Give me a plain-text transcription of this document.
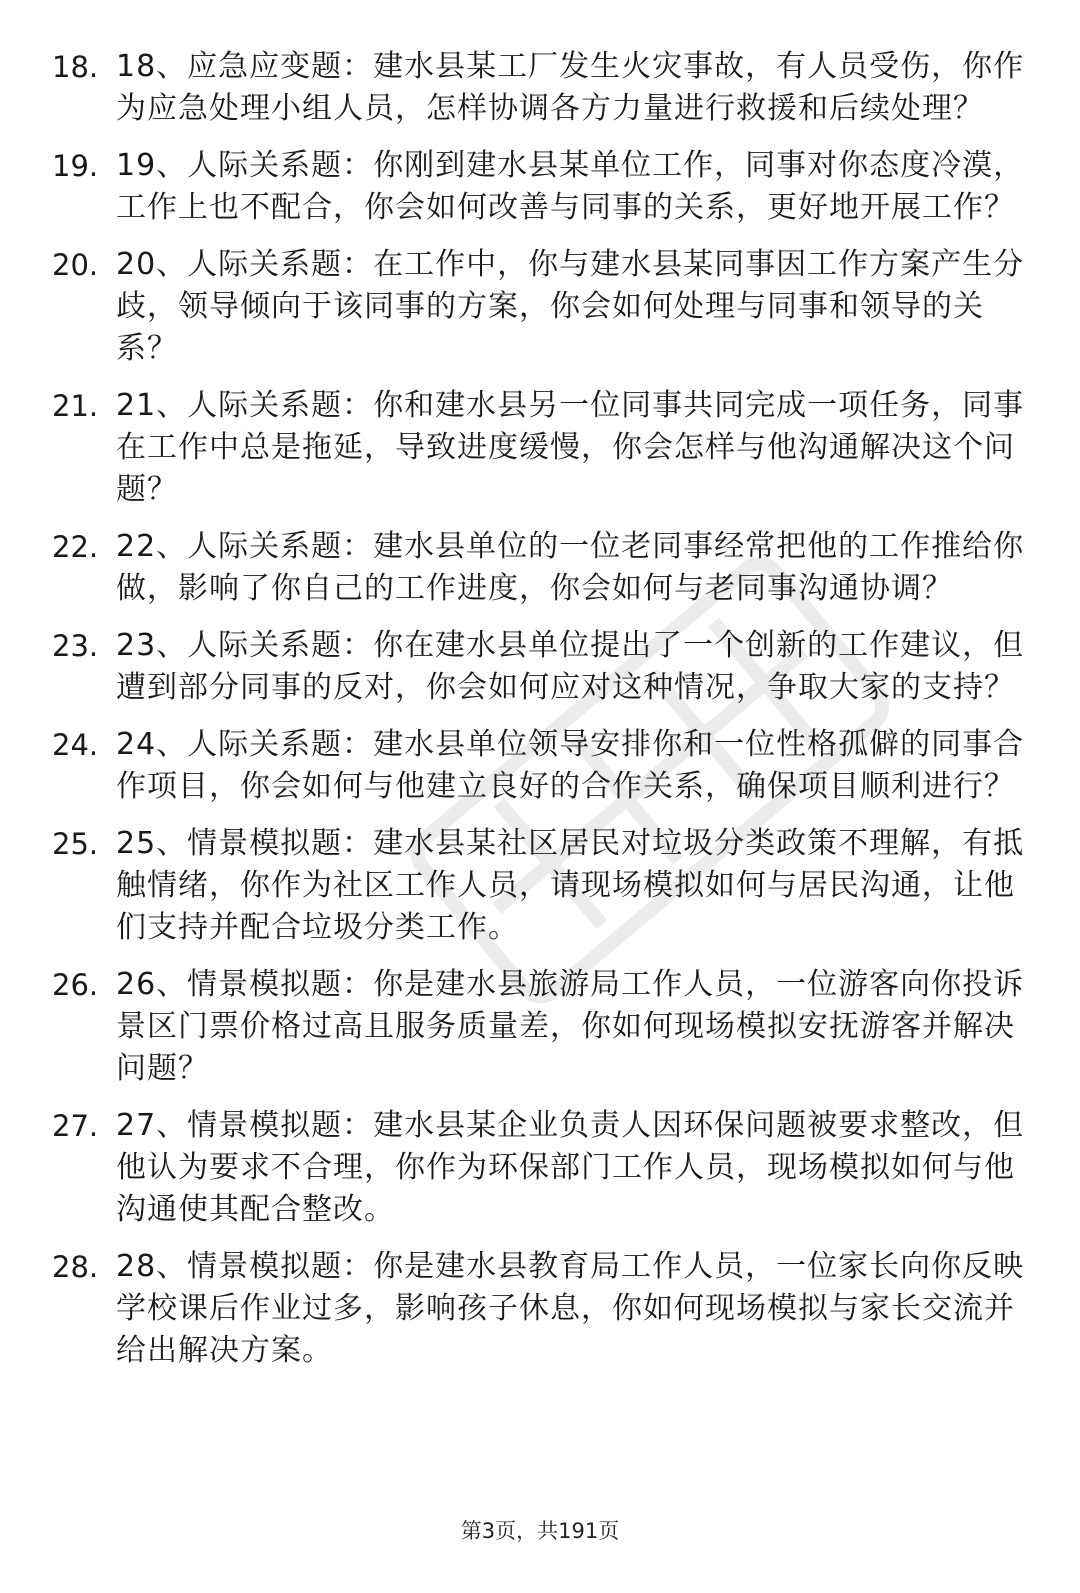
18. 18、应急应变题：建水县某工厂发生火灾事故，有人员受伤，你作为应急处理小组人员，怎样协调各方力量进行救援和后续处理？
19. 19、人际关系题：你刚到建水县某单位工作，同事对你态度冷漠，工作上也不配合，你会如何改善与同事的关系，更好地开展工作？
20. 20、人际关系题：在工作中，你与建水县某同事因工作方案产生分歧，领导倾向于该同事的方案，你会如何处理与同事和领导的关系？
21. 21、人际关系题：你和建水县另一位同事共同完成一项任务，同事在工作中总是拖延，导致进度缓慢，你会怎样与他沟通解决这个问题？
22. 22、人际关系题：建水县单位的一位老同事经常把他的工作推给你做，影响了你自己的工作进度，你会如何与老同事沟通协调？
23. 23、人际关系题：你在建水县单位提出了一个创新的工作建议，但遭到部分同事的反对，你会如何应对这种情况，争取大家的支持？
24. 24、人际关系题：建水县单位领导安排你和一位性格孤僻的同事合作项目，你会如何与他建立良好的合作关系，确保项目顺利进行？
25. 25、情景模拟题：建水县某社区居民对垃圾分类政策不理解，有抵触情绪，你作为社区工作人员，请现场模拟如何与居民沟通，让他们支持并配合垃圾分类工作。
26. 26、情景模拟题：你是建水县旅游局工作人员，一位游客向你投诉景区门票价格过高且服务质量差，你如何现场模拟安抚游客并解决问题？
27. 27、情景模拟题：建水县某企业负责人因环保问题被要求整改，但他认为要求不合理，你作为环保部门工作人员，现场模拟如何与他沟通使其配合整改。
28. 28、情景模拟题：你是建水县教育局工作人员，一位家长向你反映学校课后作业过多，影响孩子休息，你如何现场模拟与家长交流并给出解决方案。
第3页，共191页
